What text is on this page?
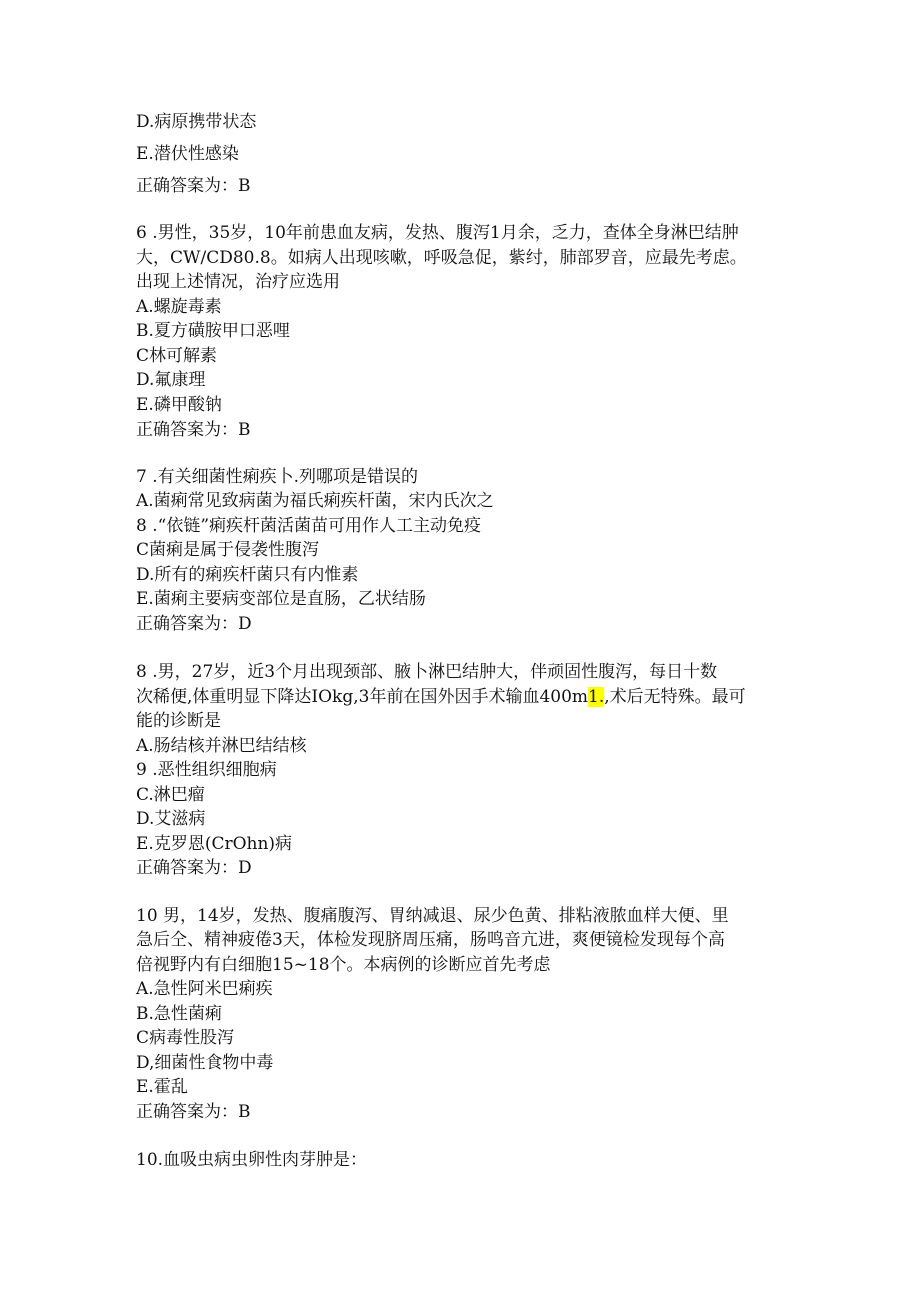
D.病原携带状态
E.潜伏性感染
正确答案为：B
6 .男性，35岁，10年前患血友病，发热、腹泻1月余，乏力，查体全身淋巴结肿
大，CW/CD80.8。如病人出现咳嗽，呼吸急促，紫纣，肺部罗音，应最先考虑。
出现上述情况，治疗应选用
A.螺旋毒素
B.夏方磺胺甲口恶哩
C林可解素
D.氟康理
E.磷甲酸钠
正确答案为：B
7 .有关细菌性痢疾卜.列哪项是错误的
A.菌痢常见致病菌为福氏痢疾杆菌，宋内氏次之
8 .“依链”痢疾杆菌活菌苗可用作人工主动免疫
C菌痢是属于侵袭性腹泻
D.所有的痢疾杆菌只有内惟素
E.菌痢主要病变部位是直肠，乙状结肠
正确答案为：D
8 .男，27岁，近3个月出现颈部、腋卜淋巴结肿大，伴顽固性腹泻，每日十数
次稀便,体重明显下降达IOkg,3年前在国外因手术输血400m1.,术后无特殊。最可
能的诊断是
A.肠结核并淋巴结结核
9 .恶性组织细胞病
C.淋巴瘤
D.艾滋病
E.克罗恩(CrOhn)病
正确答案为：D
10 男，14岁，发热、腹痛腹泻、胃纳减退、尿少色黄、排粘液脓血样大便、里
急后仝、精神疲倦3天，体检发现脐周压痛，肠鸣音亢进，爽便镜检发现每个高
倍视野内有白细胞15~18个。本病例的诊断应首先考虑
A.急性阿米巴痢疾
B.急性菌痢
C病毒性股泻
D,细菌性食物中毒
E.霍乱
正确答案为：B
10.血吸虫病虫卵性肉芽肿是：
